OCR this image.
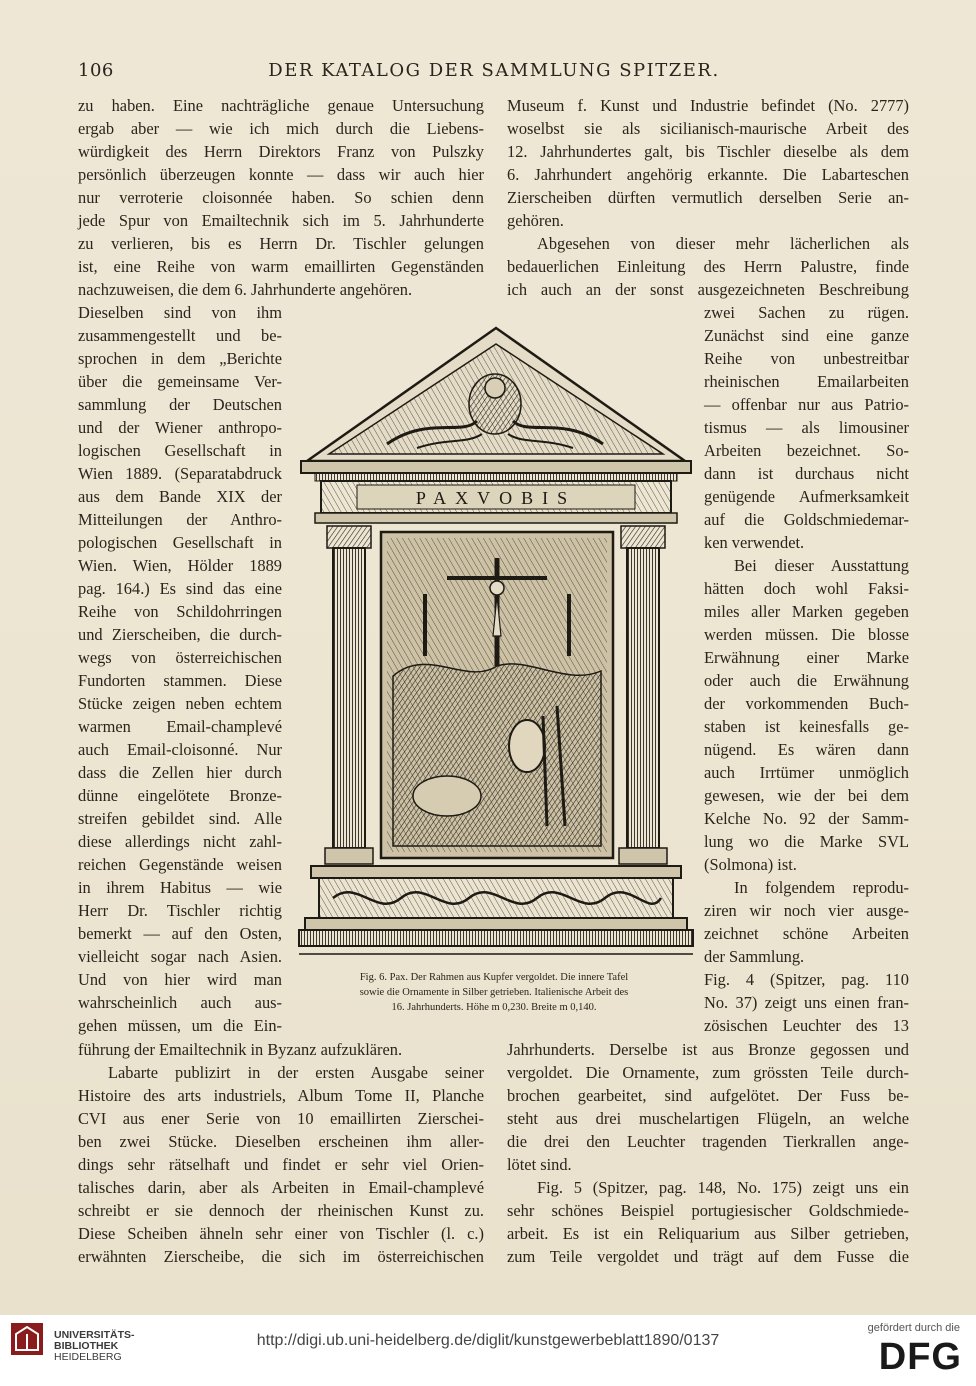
106	DER KATALOG DER SAMMLUNG SPITZER.
zu haben. Eine nachträgliche genaue Untersuchung
ergab aber — wie ich mich durch die Liebens-
würdigkeit des Herrn Direktors Franz von Pulszky
persönlich überzeugen konnte — dass wir auch hier
nur verroterie cloisonnée haben. So schien denn
jede Spur von Emailtechnik sich im 5. Jahrhunderte
zu verlieren, bis es Herrn Dr. Tischler gelungen
ist, eine Reihe von warm emaillirten Gegenständen
nachzuweisen, die dem 6. Jahrhunderte angehören.
Dieselben sind von ihm
zusammengestellt und be-
sprochen in dem „Berichte
über die gemeinsame Ver-
sammlung der Deutschen
und der Wiener anthropo-
logischen Gesellschaft in
Wien 1889. (Separatabdruck
aus dem Bande XIX der
Mitteilungen der Anthro-
pologischen Gesellschaft in
Wien. Wien, Hölder 1889
pag. 164.) Es sind das eine
Reihe von Schildohrringen
und Zierscheiben, die durch-
wegs von österreichischen
Fundorten stammen. Diese
Stücke zeigen neben echtem
warmen Email-champlevé
auch Email-cloisonné. Nur
dass die Zellen hier durch
dünne eingelötete Bronze-
streifen gebildet sind. Alle
diese allerdings nicht zahl-
reichen Gegenstände weisen
in ihrem Habitus — wie
Herr Dr. Tischler richtig
bemerkt — auf den Osten,
vielleicht sogar nach Asien.
Und von hier wird man
wahrscheinlich auch aus-
gehen müssen, um die Ein-
führung der Emailtechnik in Byzanz aufzuklären.
Labarte publizirt in der ersten Ausgabe seiner
Histoire des arts industriels, Album Tome II, Planche
CVI aus ener Serie von 10 emaillirten Zierschei-
ben zwei Stücke. Dieselben erscheinen ihm aller-
dings sehr rätselhaft und findet er sehr viel Orien-
talisches darin, aber als Arbeiten in Email-champlevé
schreibt er sie dennoch der rheinischen Kunst zu.
Diese Scheiben ähneln sehr einer von Tischler (l. c.)
erwähnten Zierscheibe, die sich im österreichischen
Museum f. Kunst und Industrie befindet (No. 2777)
woselbst sie als sicilianisch-maurische Arbeit des
12. Jahrhundertes galt, bis Tischler dieselbe als dem
6. Jahrhundert angehörig erkannte. Die Labarteschen
Zierscheiben dürften vermutlich derselben Serie an-
gehören.
Abgesehen von dieser mehr lächerlichen als
bedauerlichen Einleitung des Herrn Palustre, finde
ich auch an der sonst ausgezeichneten Beschreibung
zwei Sachen zu rügen.
Zunächst sind eine ganze
Reihe von unbestreitbar
rheinischen Emailarbeiten
— offenbar nur aus Patrio-
tismus — als limousiner
Arbeiten bezeichnet. So-
dann ist durchaus nicht
genügende Aufmerksamkeit
auf die Goldschmiedemar-
ken verwendet.
Bei dieser Ausstattung
hätten doch wohl Faksi-
miles aller Marken gegeben
werden müssen. Die blosse
Erwähnung einer Marke
oder auch die Erwähnung
der vorkommenden Buch-
staben ist keinesfalls ge-
nügend. Es wären dann
auch Irrtümer unmöglich
gewesen, wie der bei dem
Kelche No. 92 der Samm-
lung wo die Marke SVL
(Solmona) ist.
In folgendem reprodu-
ziren wir noch vier ausge-
zeichnet schöne Arbeiten
der Sammlung.
Fig. 4 (Spitzer, pag. 110
No. 37) zeigt uns einen fran-
zösischen Leuchter des 13
Jahrhunderts. Derselbe ist aus Bronze gegossen und
vergoldet. Die Ornamente, zum grössten Teile durch-
brochen gearbeitet, sind aufgelötet. Der Fuss be-
steht aus drei muschelartigen Flügeln, an welche
die drei den Leuchter tragenden Tierkrallen ange-
lötet sind.
Fig. 5 (Spitzer, pag. 148, No. 175) zeigt uns ein
sehr schönes Beispiel portugiesischer Goldschmiede-
arbeit. Es ist ein Reliquarium aus Silber getrieben,
zum Teile vergoldet und trägt auf dem Fusse die
PAXVOBIS
Fig. 6. Pax. Der Rahmen aus Kupfer vergoldet. Die innere Tafel
sowie die Ornamente in Silber getrieben. Italienische Arbeit des
16. Jahrhunderts. Höhe m 0,230. Breite m 0,140.
UNIVERSITÄTS-
BIBLIOTHEK
HEIDELBERG
http://digi.ub.uni-heidelberg.de/diglit/kunstgewerbeblatt1890/0137
gefördert durch die
DFG
